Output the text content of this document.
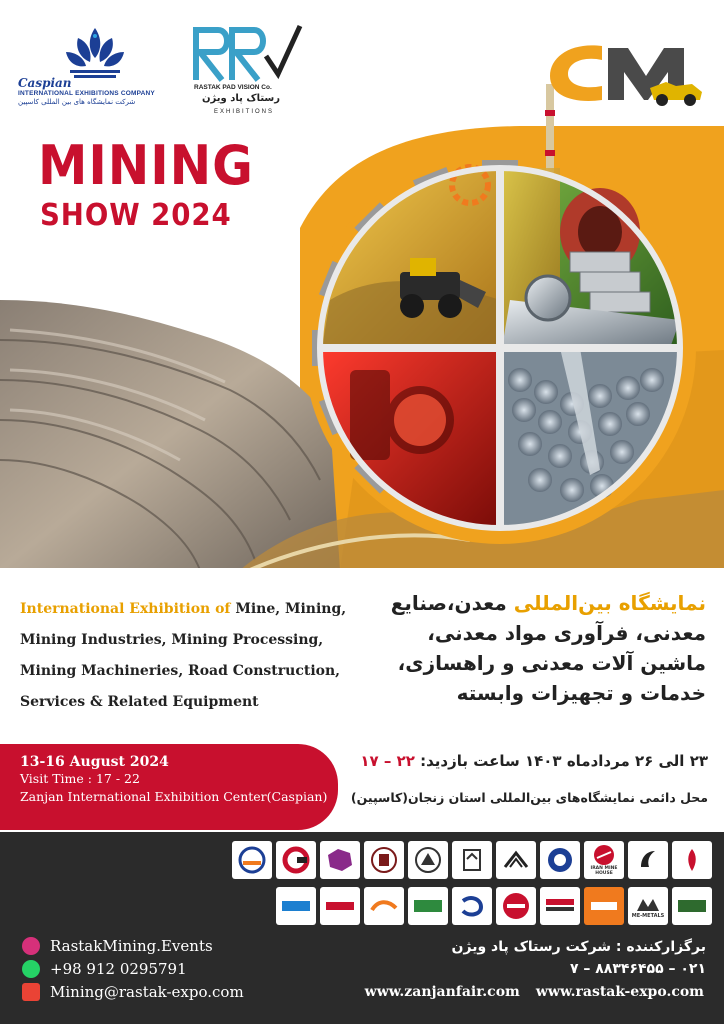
Caspian
INTERNATIONAL EXHIBITIONS COMPANY
شرکت نمایشگاه های بین المللی کاسپین
RASTAK PAD VISION Co.
رستاک پاد ویژن
EXHIBITIONS
MINING
SHOW 2024
International Exhibition of Mine, Mining, Mining Industries, Mining Processing, Mining Machineries, Road Construction, Services & Related Equipment
نمایشگاه بین‌المللی معدن،صنایع معدنی، فرآوری مواد معدنی، ماشین آلات معدنی و راهسازی، خدمات و تجهیزات وابسته
13-16 August 2024
Visit Time : 17 - 22
Zanjan International Exhibition Center(Caspian)
۲۳ الی ۲۶ مردادماه ۱۴۰۳ ساعت بازدید: ۲۲ – ۱۷
محل دائمی نمایشگاه‌های بین‌المللی استان زنجان(کاسپین)
IRAN MINE HOUSE
ME-METALS
RastakMining.Events
+98 912 0295791
Mining@rastak-expo.com
برگزارکننده : شرکت رستاک پاد ویژن
۰۲۱ – ۸۸۳۴۶۴۵۵ – ۷
www.zanjanfair.com www.rastak-expo.com
